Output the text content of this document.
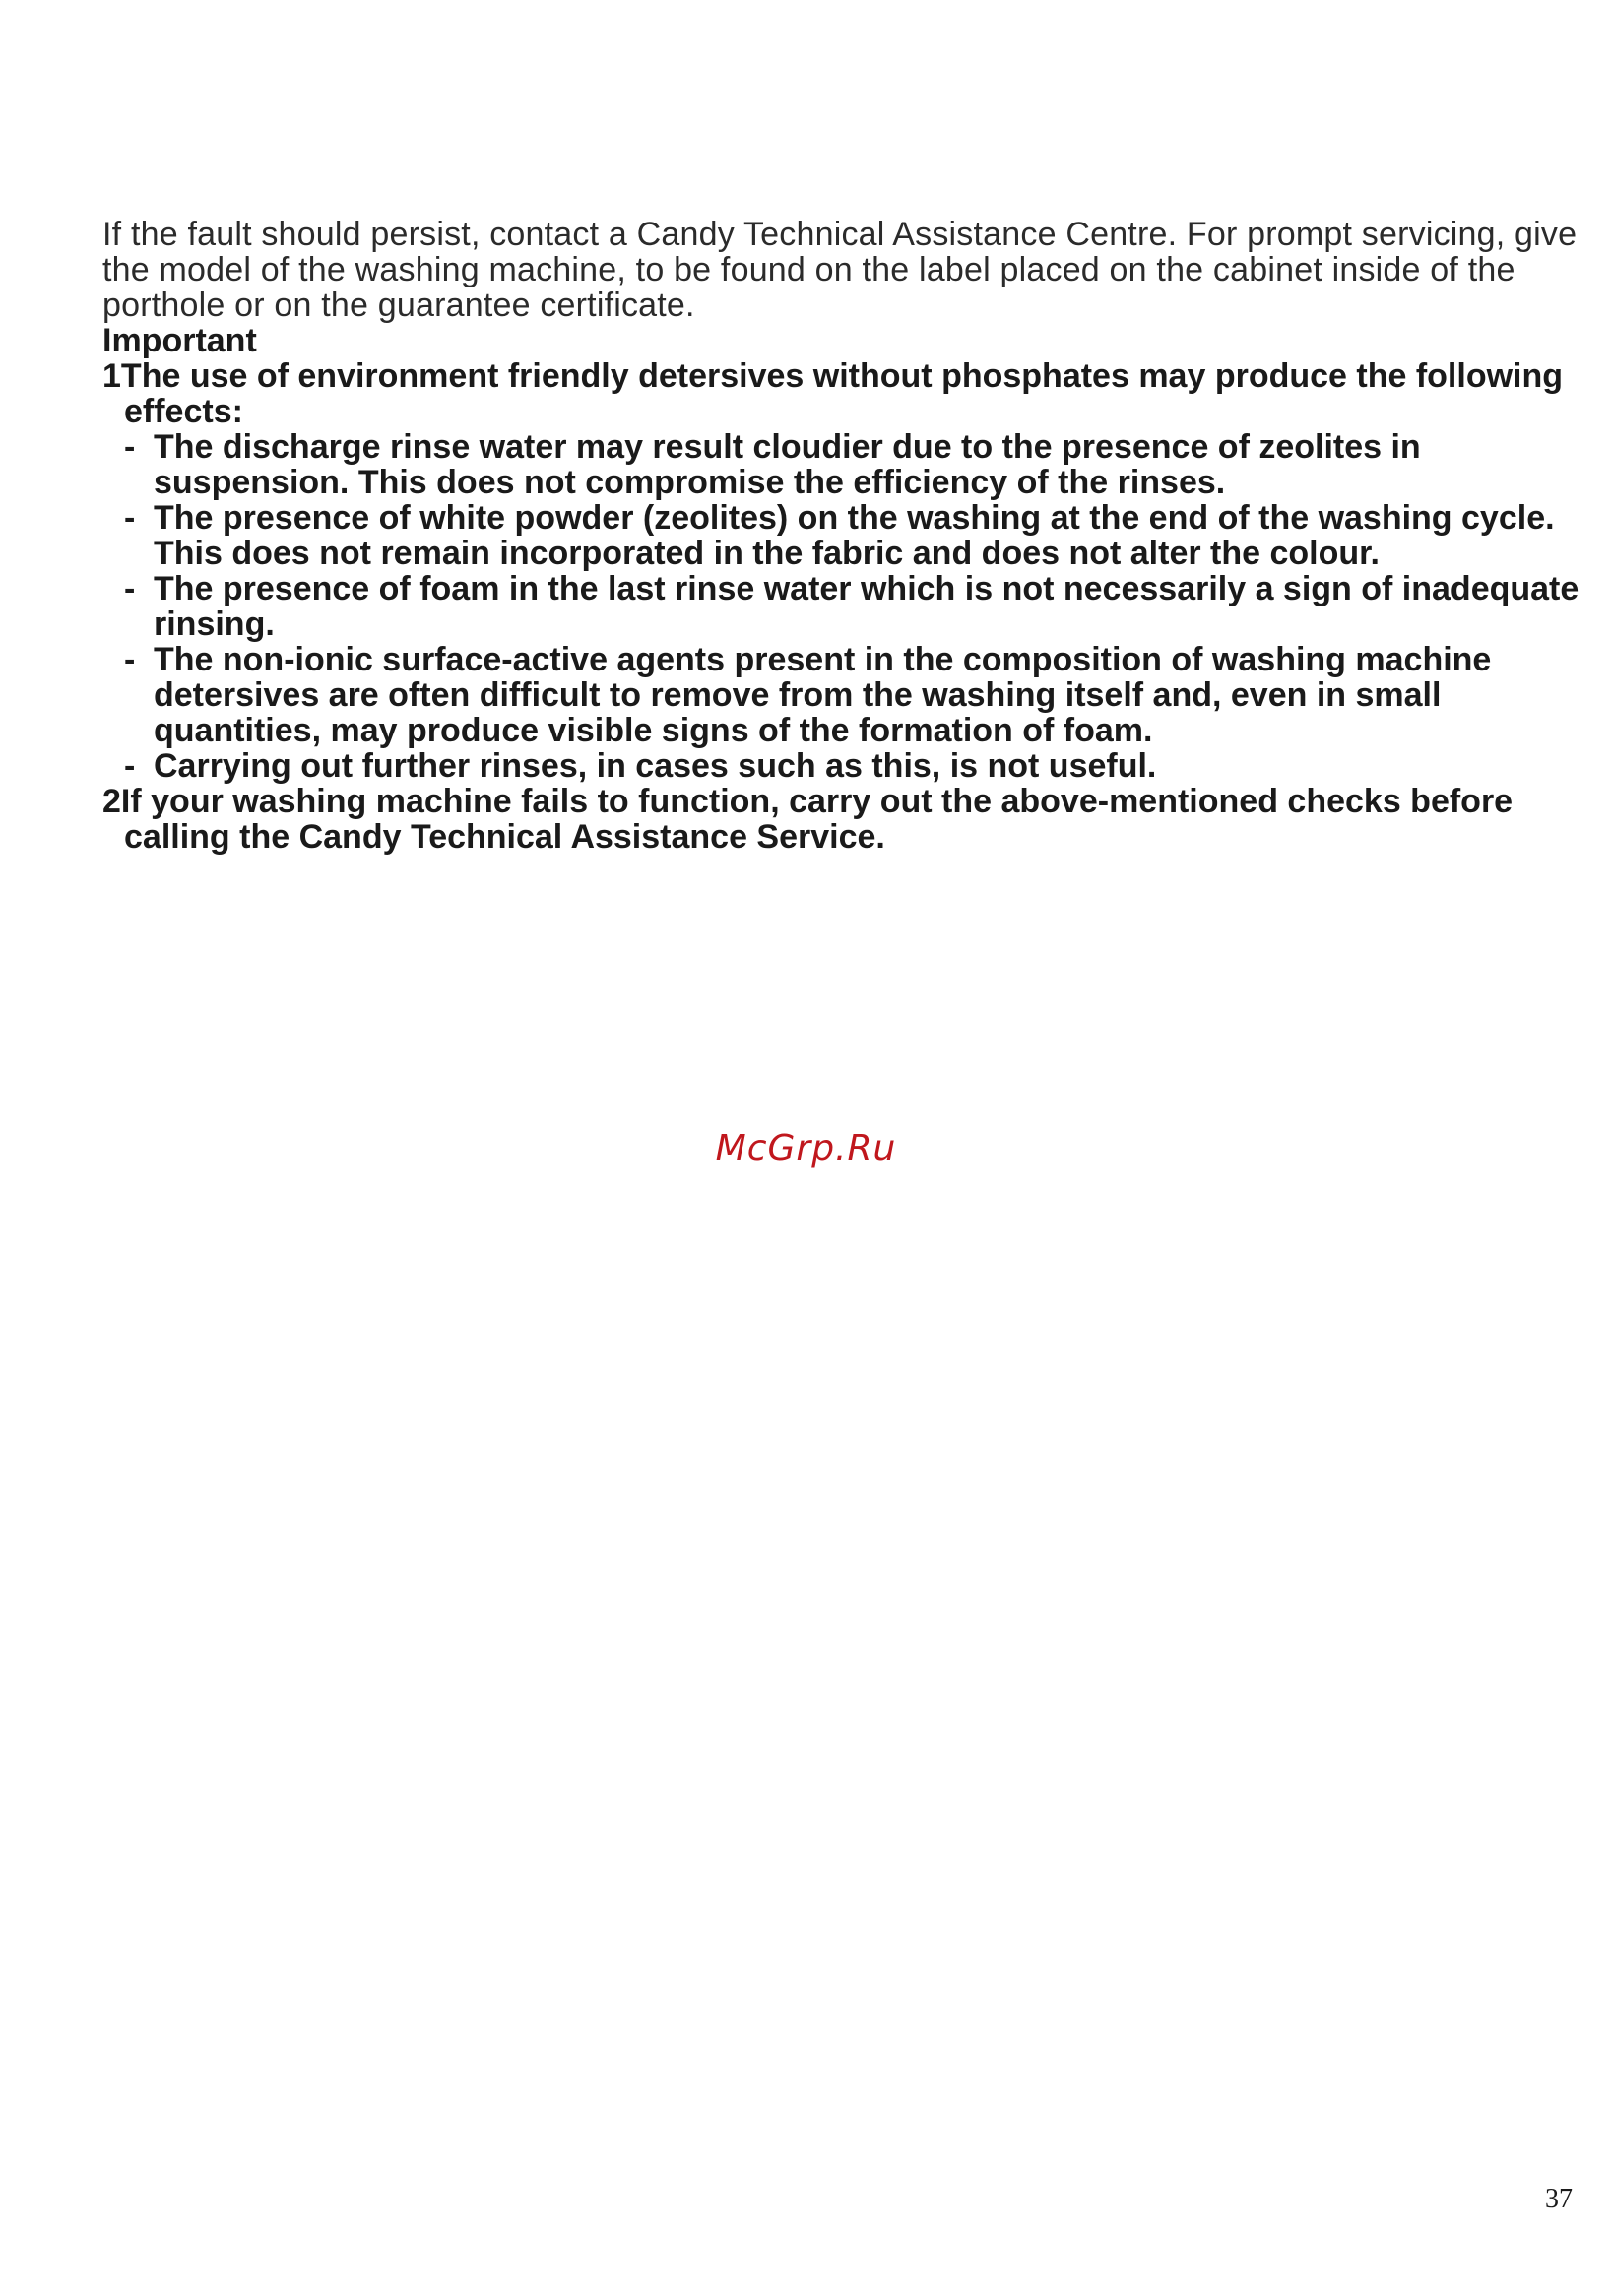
If the fault should persist, contact a Candy Technical Assistance Centre. For prompt servicing, give the model of the washing machine, to be found on the label placed on the cabinet inside of the porthole or on the guarantee certificate.

Important

1The use of environment friendly detersives without phosphates may produce the following effects:

- The discharge rinse water may result cloudier due to the presence of zeolites in suspension. This does not compromise the efficiency of the rinses.
- The presence of white powder (zeolites) on the washing at the end of the washing cycle. This does not remain incorporated in the fabric and does not alter the colour.
- The presence of foam in the last rinse water which is not necessarily a sign of inadequate rinsing.
- The non-ionic surface-active agents present in the composition of washing machine detersives are often difficult to remove from the washing itself and, even in small quantities, may produce visible signs of the formation of foam.
- Carrying out further rinses, in cases such as this, is not useful.

2If your washing machine fails to function, carry out the above-mentioned checks before calling the Candy Technical Assistance Service.

McGrp.Ru
37
